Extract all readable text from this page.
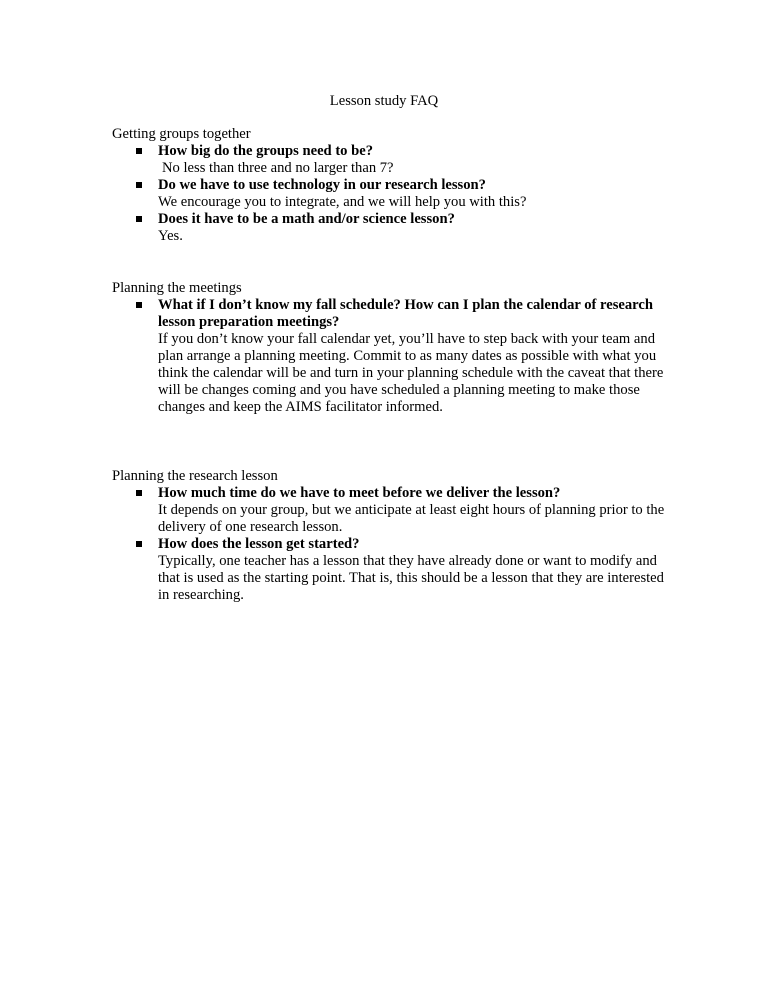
Lesson study FAQ
Getting groups together
How big do the groups need to be?
No less than three and no larger than 7?
Do we have to use technology in our research lesson?
We encourage you to integrate, and we will help you with this?
Does it have to be a math and/or science lesson?
Yes.
Planning the meetings
What if I don’t know my fall schedule? How can I plan the calendar of research lesson preparation meetings?
If you don’t know your fall calendar yet, you’ll have to step back with your team and plan arrange a planning meeting. Commit to as many dates as possible with what you think the calendar will be and turn in your planning schedule with the caveat that there will be changes coming and you have scheduled a planning meeting to make those changes and keep the AIMS facilitator informed.
Planning the research lesson
How much time do we have to meet before we deliver the lesson?
It depends on your group, but we anticipate at least eight hours of planning prior to the delivery of one research lesson.
How does the lesson get started?
Typically, one teacher has a lesson that they have already done or want to modify and that is used as the starting point. That is, this should be a lesson that they are interested in researching.
